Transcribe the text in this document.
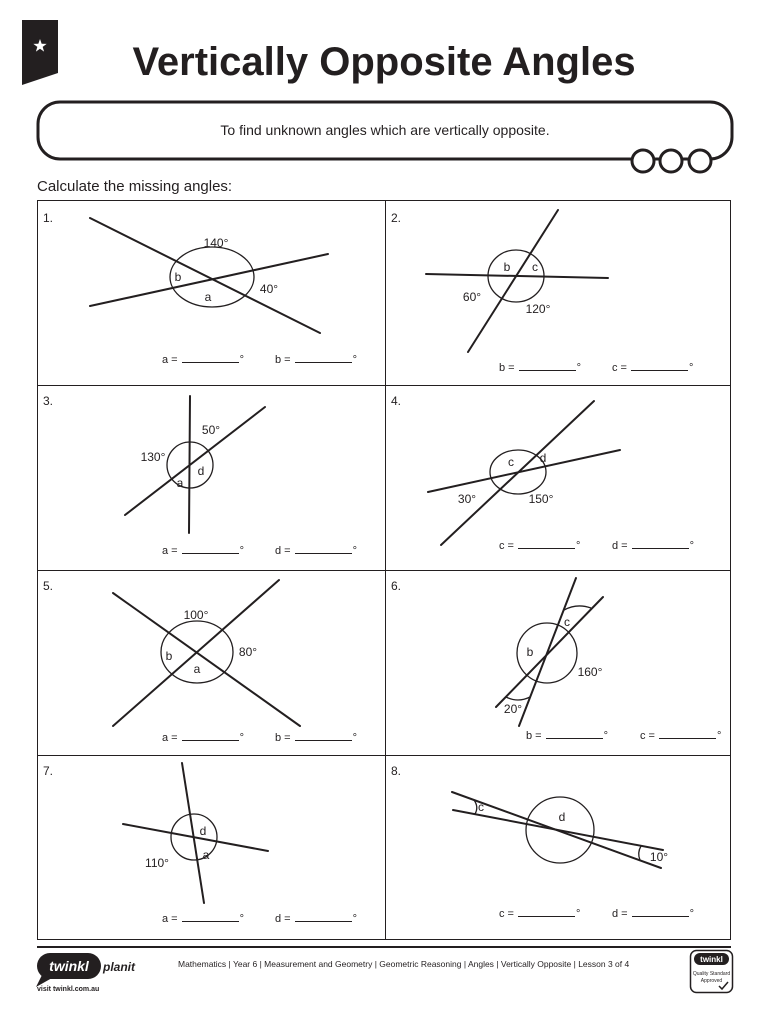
1.
140°
b
a
40°
2.
b c
60°
120°
3.
50°
130°
d
a
4.
c d
30°	150°
5.
100°
80°
b
a
6.
c
b
160°
20°
7.
d
a
110°
8.
c
d
10°
twinkl planit
visit twinkl.com.au
twinkl
Quality Standard
Approved
Vertically Opposite Angles
To find unknown angles which are vertically opposite.
Calculate the missing angles:
a =	°	b =	°
b =	°	c =	°
a =	°	d =	°	c =	°	d =	°
a =	°	b =	°	b =	°	c =	°
a =	°	d =	°	c =	°	d =	°
Mathematics | Year 6 | Measurement and Geometry | Geometric Reasoning | Angles | Vertically Opposite | Lesson 3 of 4
